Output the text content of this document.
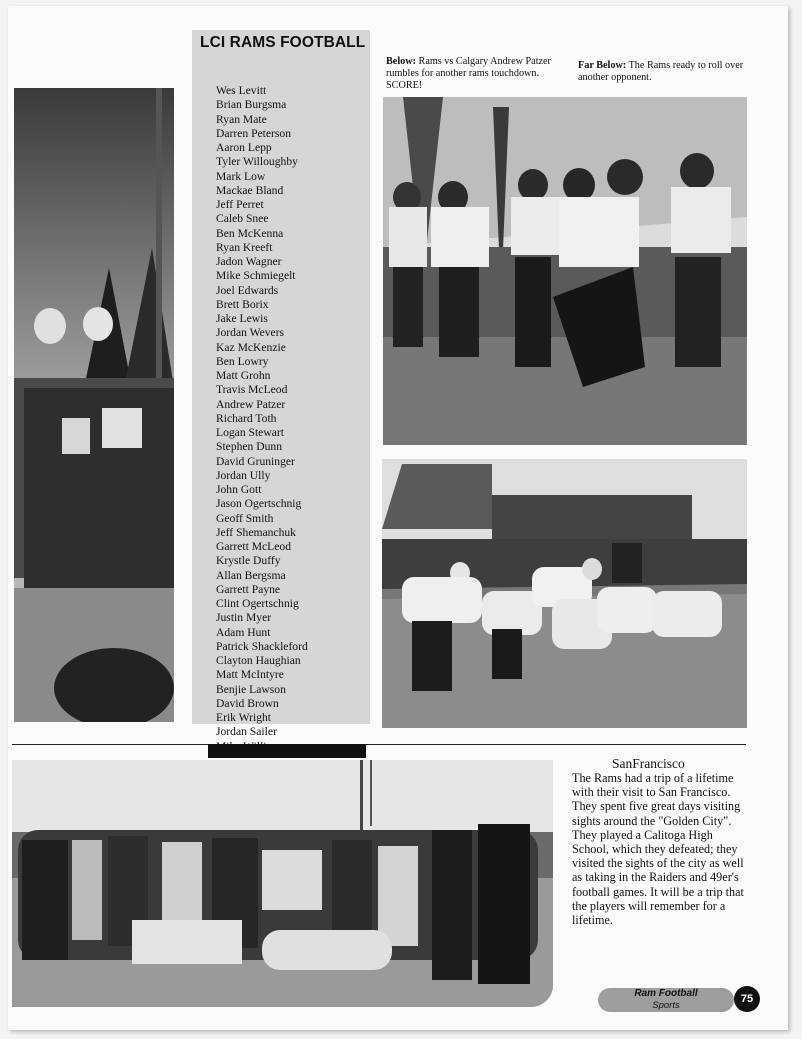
Wes Levitt
Brian Burgsma
Ryan Mate
Darren Peterson
Aaron Lepp
Tyler Willoughby
Mark Low
Mackae Bland
Jeff Perret
Caleb Snee
Ben McKenna
Ryan Kreeft
Jadon Wagner
Mike Schmiegelt
Joel Edwards
Brett Borix
Jake Lewis
Jordan Wevers
Kaz McKenzie
Ben Lowry
Matt Grohn
Travis McLeod
Andrew Patzer
Richard Toth
Logan Stewart
Stephen Dunn
David Gruninger
Jordan Ully
John Gott
Jason Ogertschnig
Geoff Smith
Jeff Shemanchuk
Garrett McLeod
Krystle Duffy
Allan Bergsma
Garrett Payne
Clint Ogertschnig
Justin Myer
Adam Hunt
Patrick Shackleford
Clayton Haughian
Matt McIntyre
Benjie Lawson
David Brown
Erik Wright
Jordan Sailer
LCI RAMS FOOTBALL
Below: Rams vs Calgary Andrew Patzer rumbles for another rams touchdown. SCORE!
Far Below: The Rams ready to roll over another opponent.
SanFrancisco
The Rams had a trip of a lifetime with their visit to San Francisco. They spent five great days visiting sights around the "Golden City". They played a Calitoga High School, which they defeated; they visited the sights of the city as well as taking in the Raiders and 49er's football games. It will be a trip that the players will remember for a lifetime.
Ram Football
Sports
75
